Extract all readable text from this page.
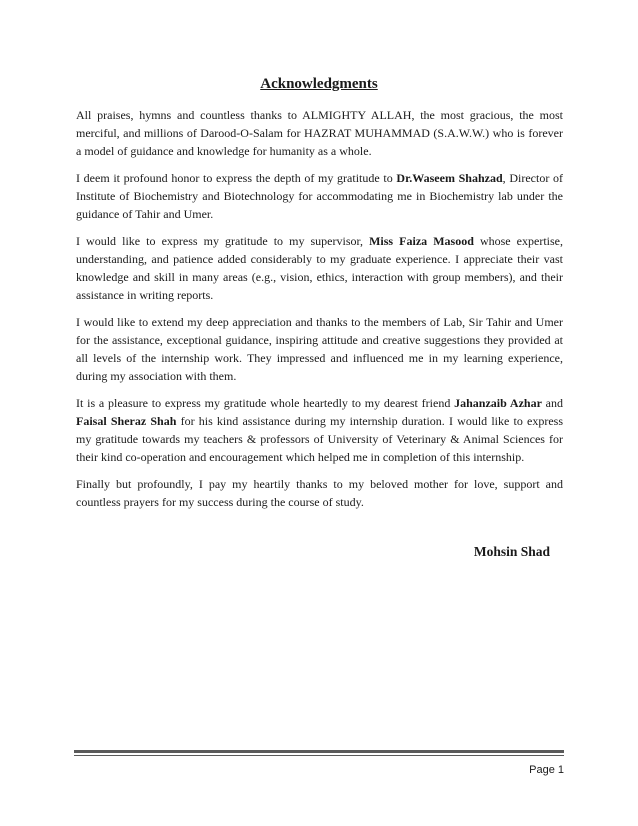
Acknowledgments

All praises, hymns and countless thanks to ALMIGHTY ALLAH, the most gracious, the most merciful, and millions of Darood-O-Salam for HAZRAT MUHAMMAD (S.A.W.W.) who is forever a model of guidance and knowledge for humanity as a whole.

I deem it profound honor to express the depth of my gratitude to Dr.Waseem Shahzad, Director of Institute of Biochemistry and Biotechnology for accommodating me in Biochemistry lab under the guidance of Tahir and Umer.

I would like to express my gratitude to my supervisor, Miss Faiza Masood whose expertise, understanding, and patience added considerably to my graduate experience. I appreciate their vast knowledge and skill in many areas (e.g., vision, ethics, interaction with group members), and their assistance in writing reports.

I would like to extend my deep appreciation and thanks to the members of Lab, Sir Tahir and Umer for the assistance, exceptional guidance, inspiring attitude and creative suggestions they provided at all levels of the internship work. They impressed and influenced me in my learning experience, during my association with them.

It is a pleasure to express my gratitude whole heartedly to my dearest friend Jahanzaib Azhar and Faisal Sheraz Shah for his kind assistance during my internship duration. I would like to express my gratitude towards my teachers & professors of University of Veterinary & Animal Sciences for their kind co-operation and encouragement which helped me in completion of this internship.

Finally but profoundly, I pay my heartily thanks to my beloved mother for love, support and countless prayers for my success during the course of study.

Mohsin Shad
Page 1
